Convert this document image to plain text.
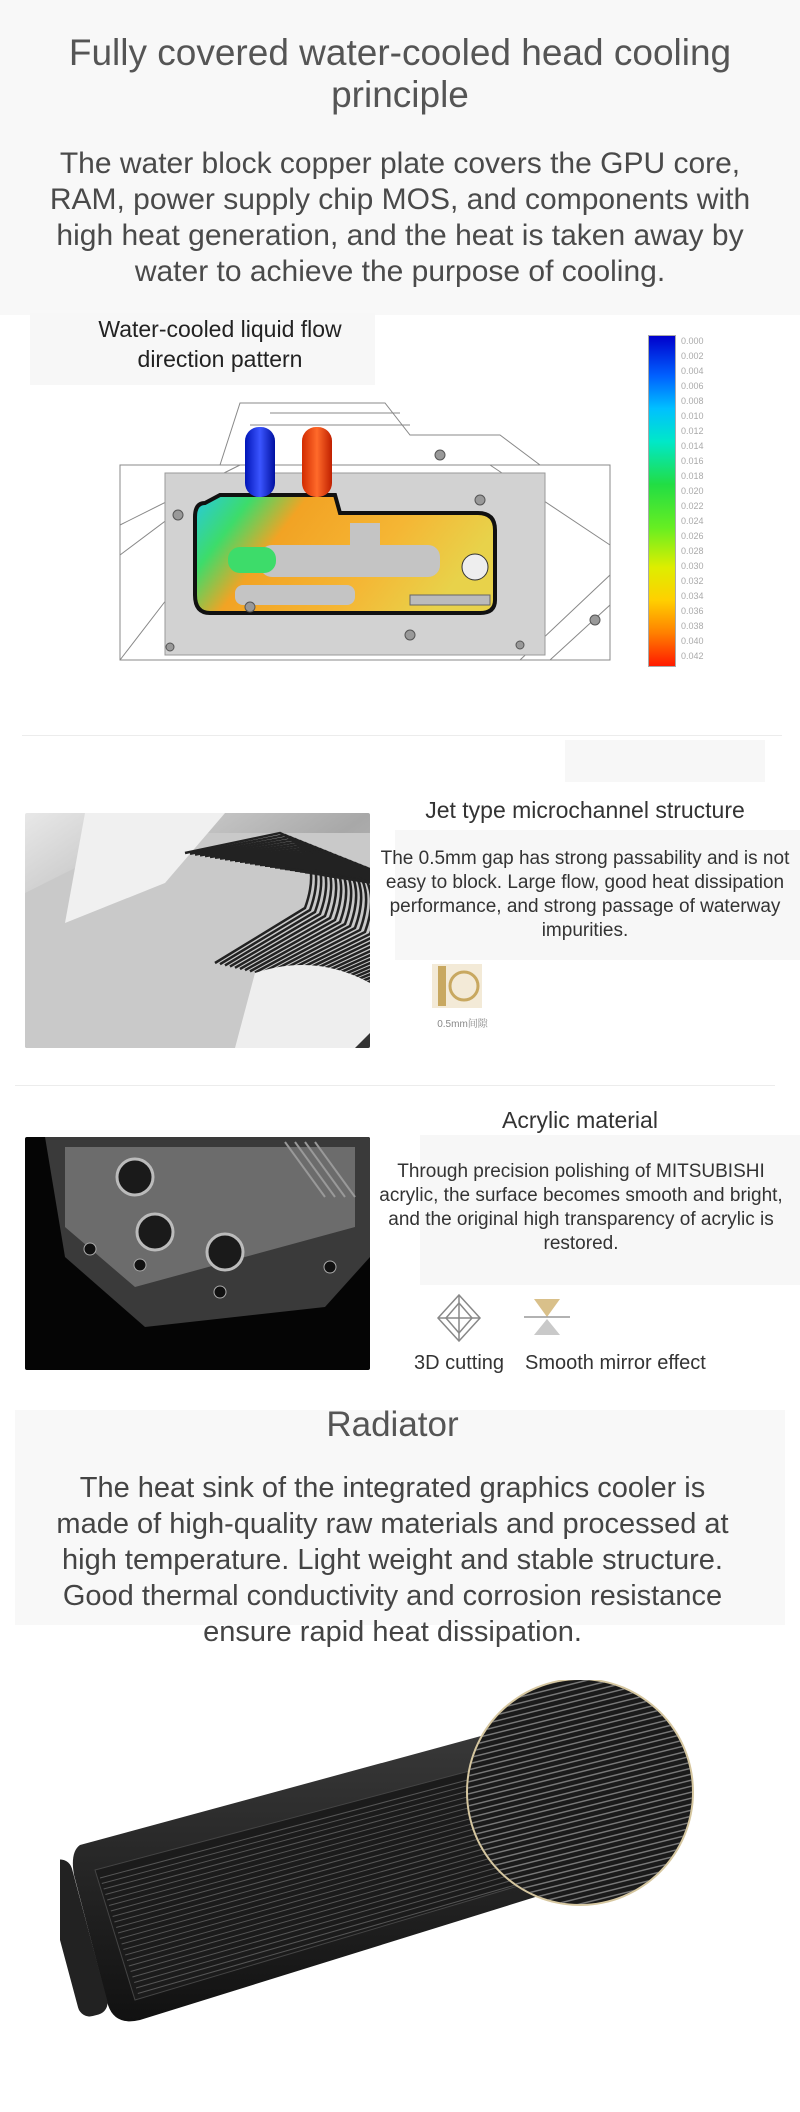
Fully covered water-cooled head cooling principle
The water block copper plate covers the GPU core, RAM, power supply chip MOS, and components with high heat generation, and the heat is taken away by water to achieve the purpose of cooling.
Water-cooled liquid flow direction pattern
0.000
0.002
0.004
0.006
0.008
0.010
0.012
0.014
0.016
0.018
0.020
0.022
0.024
0.026
0.028
0.030
0.032
0.034
0.036
0.038
0.040
0.042
Jet type microchannel structure
The 0.5mm gap has strong passability and is not easy to block. Large flow, good heat dissipation performance, and strong passage of waterway impurities.
0.5mm间隙
Acrylic material
Through precision polishing of MITSUBISHI acrylic, the surface becomes smooth and bright, and the original high transparency of acrylic is restored.
3D cutting Smooth mirror effect
Radiator
The heat sink of the integrated graphics cooler is made of high-quality raw materials and processed at high temperature. Light weight and stable structure. Good thermal conductivity and corrosion resistance ensure rapid heat dissipation.
